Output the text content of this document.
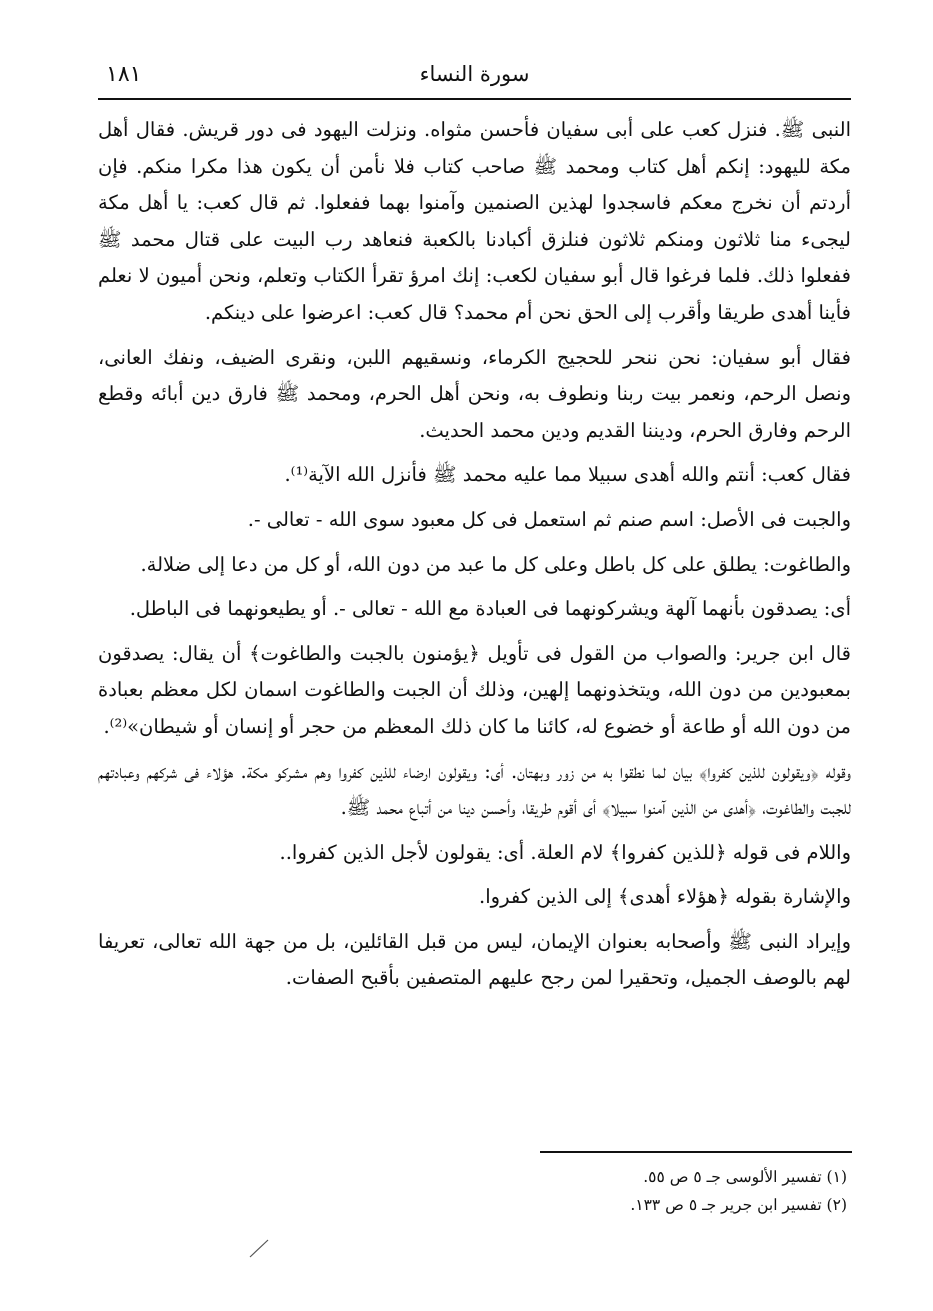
١٨١	سورة النساء

النبى ﷺ. فنزل كعب على أبى سفيان فأحسن مثواه. ونزلت اليهود فى دور قريش. فقال أهل مكة لليهود: إنكم أهل كتاب ومحمد ﷺ صاحب كتاب فلا نأمن أن يكون هذا مكرا منكم. فإن أردتم أن نخرج معكم فاسجدوا لهذين الصنمين وآمنوا بهما ففعلوا. ثم قال كعب: يا أهل مكة ليجىء منا ثلاثون ومنكم ثلاثون فنلزق أكبادنا بالكعبة فنعاهد رب البيت على قتال محمد ﷺ ففعلوا ذلك. فلما فرغوا قال أبو سفيان لكعب: إنك امرؤ تقرأ الكتاب وتعلم، ونحن أميون لا نعلم فأينا أهدى طريقا وأقرب إلى الحق نحن أم محمد؟ قال كعب: اعرضوا على دينكم.

فقال أبو سفيان: نحن ننحر للحجيج الكرماء، ونسقيهم اللبن، ونقرى الضيف، ونفك العانى، ونصل الرحم، ونعمر بيت ربنا ونطوف به، ونحن أهل الحرم، ومحمد ﷺ فارق دين أبائه وقطع الرحم وفارق الحرم، وديننا القديم ودين محمد الحديث.

فقال كعب: أنتم والله أهدى سبيلا مما عليه محمد ﷺ فأنزل الله الآية⁽¹⁾.

والجبت فى الأصل: اسم صنم ثم استعمل فى كل معبود سوى الله - تعالى -.

والطاغوت: يطلق على كل باطل وعلى كل ما عبد من دون الله، أو كل من دعا إلى ضلالة.

أى: يصدقون بأنهما آلهة ويشركونهما فى العبادة مع الله - تعالى -. أو يطيعونهما فى الباطل.

قال ابن جرير: والصواب من القول فى تأويل ﴿يؤمنون بالجبت والطاغوت﴾ أن يقال: يصدقون بمعبودين من دون الله، ويتخذونهما إلهين، وذلك أن الجبت والطاغوت اسمان لكل معظم بعبادة من دون الله أو طاعة أو خضوع له، كائنا ما كان ذلك المعظم من حجر أو إنسان أو شيطان»⁽²⁾.

وقوله ﴿ويقولون للذين كفروا﴾ بيان لما نطقوا به من زور وبهتان. أى: ويقولون ارضاء للذين كفروا وهم مشركو مكة. هؤلاء فى شركهم وعبادتهم للجبت والطاغوت، ﴿أهدى من الذين آمنوا سبيلا﴾ أى أقوم طريقا، وأحسن دينا من أتباع محمد ﷺ.

واللام فى قوله ﴿للذين كفروا﴾ لام العلة. أى: يقولون لأجل الذين كفروا..

والإشارة بقوله ﴿هؤلاء أهدى﴾ إلى الذين كفروا.

وإيراد النبى ﷺ وأصحابه بعنوان الإيمان، ليس من قبل القائلين، بل من جهة الله تعالى، تعريفا لهم بالوصف الجميل، وتحقيرا لمن رجح عليهم المتصفين بأقبح الصفات.

(١) تفسير الألوسى جـ ٥ ص ٥٥.
(٢) تفسير ابن جرير جـ ٥ ص ١٣٣.
